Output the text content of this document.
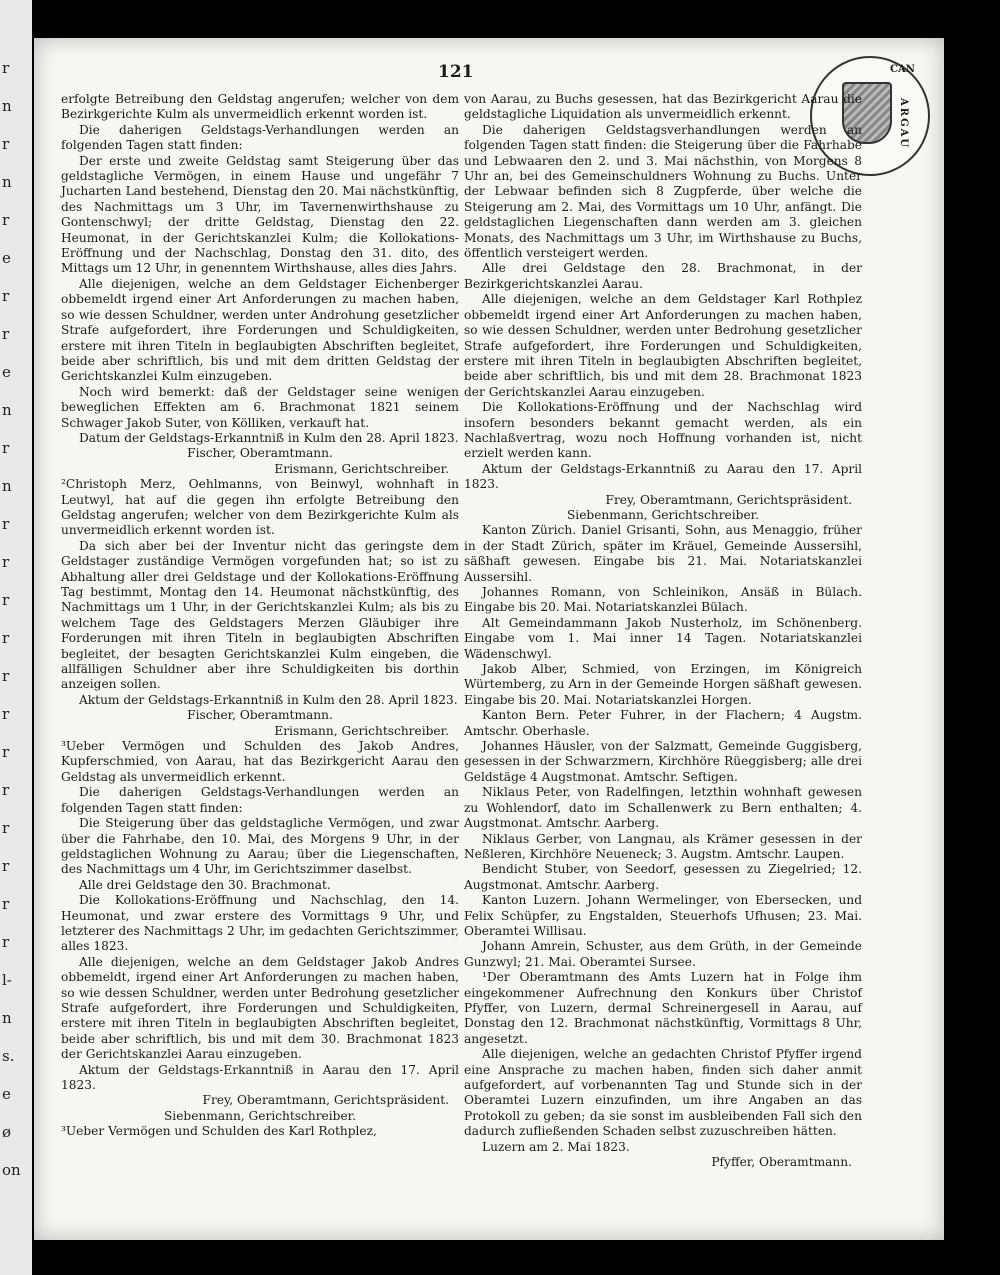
r
n
r
n
r
e
r
r
e
n
r
n
r
r
r
r
r
r
r
r
r
r
r
r
l-
n
s.
e
ø
on
121
ARGAU
CAN

erfolgte Betreibung den Geldstag angerufen; welcher von dem Bezirkgerichte Kulm als unvermeidlich erkennt worden ist.

Die daherigen Geldstags-Verhandlungen werden an folgenden Tagen statt finden:

Der erste und zweite Geldstag samt Steigerung über das geldstagliche Vermögen, in einem Hause und ungefähr 7 Jucharten Land bestehend, Dienstag den 20. Mai nächstkünftig, des Nachmittags um 3 Uhr, im Tavernenwirthshause zu Gontenschwyl; der dritte Geldstag, Dienstag den 22. Heumonat, in der Gerichtskanzlei Kulm; die Kollokations-Eröffnung und der Nachschlag, Donstag den 31. dito, des Mittags um 12 Uhr, in genenntem Wirthshause, alles dies Jahrs.

Alle diejenigen, welche an dem Geldstager Eichenberger obbemeldt irgend einer Art Anforderungen zu machen haben, so wie dessen Schuldner, werden unter Androhung gesetzlicher Strafe aufgefordert, ihre Forderungen und Schuldigkeiten, erstere mit ihren Titeln in beglaubigten Abschriften begleitet, beide aber schriftlich, bis und mit dem dritten Geldstag der Gerichtskanzlei Kulm einzugeben.

Noch wird bemerkt: daß der Geldstager seine wenigen beweglichen Effekten am 6. Brachmonat 1821 seinem Schwager Jakob Suter, von Kölliken, verkauft hat.

Datum der Geldstags-Erkanntniß in Kulm den 28. April 1823.

Fischer, Oberamtmann.

Erismann, Gerichtschreiber.

²Christoph Merz, Oehlmanns, von Beinwyl, wohnhaft in Leutwyl, hat auf die gegen ihn erfolgte Betreibung den Geldstag angerufen; welcher von dem Bezirkgerichte Kulm als unvermeidlich erkennt worden ist.

Da sich aber bei der Inventur nicht das geringste dem Geldstager zuständige Vermögen vorgefunden hat; so ist zu Abhaltung aller drei Geldstage und der Kollokations-Eröffnung Tag bestimmt, Montag den 14. Heumonat nächstkünftig, des Nachmittags um 1 Uhr, in der Gerichtskanzlei Kulm; als bis zu welchem Tage des Geldstagers Merzen Gläubiger ihre Forderungen mit ihren Titeln in beglaubigten Abschriften begleitet, der besagten Gerichtskanzlei Kulm eingeben, die allfälligen Schuldner aber ihre Schuldigkeiten bis dorthin anzeigen sollen.

Aktum der Geldstags-Erkanntniß in Kulm den 28. April 1823.

Fischer, Oberamtmann.

Erismann, Gerichtschreiber.

³Ueber Vermögen und Schulden des Jakob Andres, Kupferschmied, von Aarau, hat das Bezirkgericht Aarau den Geldstag als unvermeidlich erkennt.

Die daherigen Geldstags-Verhandlungen werden an folgenden Tagen statt finden:

Die Steigerung über das geldstagliche Vermögen, und zwar über die Fahrhabe, den 10. Mai, des Morgens 9 Uhr, in der geldstaglichen Wohnung zu Aarau; über die Liegenschaften, des Nachmittags um 4 Uhr, im Gerichtszimmer daselbst.

Alle drei Geldstage den 30. Brachmonat.

Die Kollokations-Eröffnung und Nachschlag, den 14. Heumonat, und zwar erstere des Vormittags 9 Uhr, und letzterer des Nachmittags 2 Uhr, im gedachten Gerichtszimmer, alles 1823.

Alle diejenigen, welche an dem Geldstager Jakob Andres obbemeldt, irgend einer Art Anforderungen zu machen haben, so wie dessen Schuldner, werden unter Bedrohung gesetzlicher Strafe aufgefordert, ihre Forderungen und Schuldigkeiten, erstere mit ihren Titeln in beglaubigten Abschriften begleitet, beide aber schriftlich, bis und mit dem 30. Brachmonat 1823 der Gerichtskanzlei Aarau einzugeben.

Aktum der Geldstags-Erkanntniß in Aarau den 17. April 1823.

Frey, Oberamtmann, Gerichtspräsident.

Siebenmann, Gerichtschreiber.

³Ueber Vermögen und Schulden des Karl Rothplez,

von Aarau, zu Buchs gesessen, hat das Bezirkgericht Aarau die geldstagliche Liquidation als unvermeidlich erkennt.

Die daherigen Geldstagsverhandlungen werden an folgenden Tagen statt finden: die Steigerung über die Fahrhabe und Lebwaaren den 2. und 3. Mai nächsthin, von Morgens 8 Uhr an, bei des Gemeinschuldners Wohnung zu Buchs. Unter der Lebwaar befinden sich 8 Zugpferde, über welche die Steigerung am 2. Mai, des Vormittags um 10 Uhr, anfängt. Die geldstaglichen Liegenschaften dann werden am 3. gleichen Monats, des Nachmittags um 3 Uhr, im Wirthshause zu Buchs, öffentlich versteigert werden.

Alle drei Geldstage den 28. Brachmonat, in der Bezirkgerichtskanzlei Aarau.

Alle diejenigen, welche an dem Geldstager Karl Rothplez obbemeldt irgend einer Art Anforderungen zu machen haben, so wie dessen Schuldner, werden unter Bedrohung gesetzlicher Strafe aufgefordert, ihre Forderungen und Schuldigkeiten, erstere mit ihren Titeln in beglaubigten Abschriften begleitet, beide aber schriftlich, bis und mit dem 28. Brachmonat 1823 der Gerichtskanzlei Aarau einzugeben.

Die Kollokations-Eröffnung und der Nachschlag wird insofern besonders bekannt gemacht werden, als ein Nachlaßvertrag, wozu noch Hoffnung vorhanden ist, nicht erzielt werden kann.

Aktum der Geldstags-Erkanntniß zu Aarau den 17. April 1823.

Frey, Oberamtmann, Gerichtspräsident.

Siebenmann, Gerichtschreiber.

Kanton Zürich. Daniel Grisanti, Sohn, aus Menaggio, früher in der Stadt Zürich, später im Kräuel, Gemeinde Aussersihl, säßhaft gewesen. Eingabe bis 21. Mai. Notariatskanzlei Aussersihl.

Johannes Romann, von Schleinikon, Ansäß in Bülach. Eingabe bis 20. Mai. Notariatskanzlei Bülach.

Alt Gemeindammann Jakob Nusterholz, im Schönenberg. Eingabe vom 1. Mai inner 14 Tagen. Notariatskanzlei Wädenschwyl.

Jakob Alber, Schmied, von Erzingen, im Königreich Würtemberg, zu Arn in der Gemeinde Horgen säßhaft gewesen. Eingabe bis 20. Mai. Notariatskanzlei Horgen.

Kanton Bern. Peter Fuhrer, in der Flachern; 4 Augstm. Amtschr. Oberhasle.

Johannes Häusler, von der Salzmatt, Gemeinde Guggisberg, gesessen in der Schwarzmern, Kirchhöre Rüeggisberg; alle drei Geldstäge 4 Augstmonat. Amtschr. Seftigen.

Niklaus Peter, von Radelfingen, letzthin wohnhaft gewesen zu Wohlendorf, dato im Schallenwerk zu Bern enthalten; 4. Augstmonat. Amtschr. Aarberg.

Niklaus Gerber, von Langnau, als Krämer gesessen in der Neßleren, Kirchhöre Neueneck; 3. Augstm. Amtschr. Laupen.

Bendicht Stuber, von Seedorf, gesessen zu Ziegelried; 12. Augstmonat. Amtschr. Aarberg.

Kanton Luzern. Johann Wermelinger, von Ebersecken, und Felix Schüpfer, zu Engstalden, Steuerhofs Ufhusen; 23. Mai. Oberamtei Willisau.

Johann Amrein, Schuster, aus dem Grüth, in der Gemeinde Gunzwyl; 21. Mai. Oberamtei Sursee.

¹Der Oberamtmann des Amts Luzern hat in Folge ihm eingekommener Aufrechnung den Konkurs über Christof Pfyffer, von Luzern, dermal Schreinergesell in Aarau, auf Donstag den 12. Brachmonat nächstkünftig, Vormittags 8 Uhr, angesetzt.

Alle diejenigen, welche an gedachten Christof Pfyffer irgend eine Ansprache zu machen haben, finden sich daher anmit aufgefordert, auf vorbenannten Tag und Stunde sich in der Oberamtei Luzern einzufinden, um ihre Angaben an das Protokoll zu geben; da sie sonst im ausbleibenden Fall sich den dadurch zufließenden Schaden selbst zuzuschreiben hätten.

Luzern am 2. Mai 1823.

Pfyffer, Oberamtmann.
